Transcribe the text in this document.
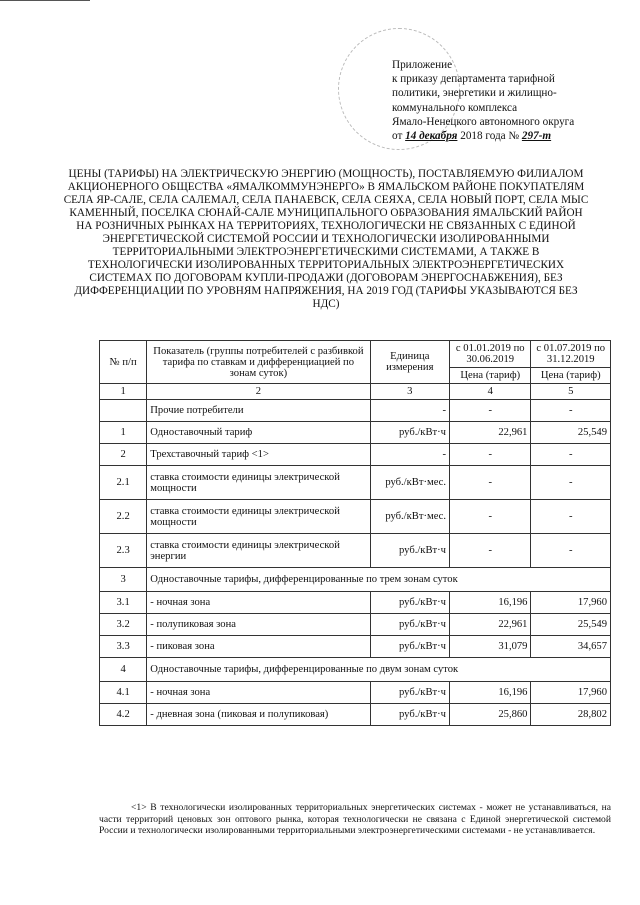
Приложение
к приказу департамента тарифной
политики, энергетики и жилищно-
коммунального комплекса
Ямало-Ненецкого автономного округа
от 14 декабря 2018 года № 297-т
ЦЕНЫ (ТАРИФЫ) НА ЭЛЕКТРИЧЕСКУЮ ЭНЕРГИЮ (МОЩНОСТЬ), ПОСТАВЛЯЕМУЮ ФИЛИАЛОМ АКЦИОНЕРНОГО ОБЩЕСТВА «ЯМАЛКОММУНЭНЕРГО» В ЯМАЛЬСКОМ РАЙОНЕ ПОКУПАТЕЛЯМ СЕЛА ЯР-САЛЕ, СЕЛА САЛЕМАЛ, СЕЛА ПАНАЕВСК, СЕЛА СЕЯХА, СЕЛА НОВЫЙ ПОРТ, СЕЛА МЫС КАМЕННЫЙ, ПОСЕЛКА СЮНАЙ-САЛЕ МУНИЦИПАЛЬНОГО ОБРАЗОВАНИЯ ЯМАЛЬСКИЙ РАЙОН НА РОЗНИЧНЫХ РЫНКАХ НА ТЕРРИТОРИЯХ, ТЕХНОЛОГИЧЕСКИ НЕ СВЯЗАННЫХ С ЕДИНОЙ ЭНЕРГЕТИЧЕСКОЙ СИСТЕМОЙ РОССИИ И ТЕХНОЛОГИЧЕСКИ ИЗОЛИРОВАННЫМИ ТЕРРИТОРИАЛЬНЫМИ ЭЛЕКТРОЭНЕРГЕТИЧЕСКИМИ СИСТЕМАМИ, А ТАКЖЕ В ТЕХНОЛОГИЧЕСКИ ИЗОЛИРОВАННЫХ ТЕРРИТОРИАЛЬНЫХ ЭЛЕКТРОЭНЕРГЕТИЧЕСКИХ СИСТЕМАХ ПО ДОГОВОРАМ КУПЛИ-ПРОДАЖИ (ДОГОВОРАМ ЭНЕРГОСНАБЖЕНИЯ), БЕЗ ДИФФЕРЕНЦИАЦИИ ПО УРОВНЯМ НАПРЯЖЕНИЯ, НА 2019 ГОД (ТАРИФЫ УКАЗЫВАЮТСЯ БЕЗ НДС)
№ п/п	Показатель (группы потребителей с разбивкой тарифа по ставкам и дифференциацией по зонам суток)	Единица измерения	с 01.01.2019 по 30.06.2019	с 01.07.2019 по 31.12.2019
			Цена (тариф)	Цена (тариф)
1	2	3	4	5
	Прочие потребители	-	-	-
1	Одноставочный тариф	руб./кВт·ч	22,961	25,549
2	Трехставочный тариф <1>	-	-	-
2.1	ставка стоимости единицы электрической мощности	руб./кВт·мес.	-	-
2.2	ставка стоимости единицы электрической мощности	руб./кВт·мес.	-	-
2.3	ставка стоимости единицы электрической энергии	руб./кВт·ч	-	-
3	Одноставочные тарифы, дифференцированные по трем зонам суток			
3.1	- ночная зона	руб./кВт·ч	16,196	17,960
3.2	- полупиковая зона	руб./кВт·ч	22,961	25,549
3.3	- пиковая зона	руб./кВт·ч	31,079	34,657
4	Одноставочные тарифы, дифференцированные по двум зонам суток			
4.1	- ночная зона	руб./кВт·ч	16,196	17,960
4.2	- дневная зона (пиковая и полупиковая)	руб./кВт·ч	25,860	28,802
<1> В технологически изолированных территориальных энергетических системах - может не устанавливаться, на части территорий ценовых зон оптового рынка, которая технологически не связана с Единой энергетической системой России и технологически изолированными территориальными электроэнергетическими системами - не устанавливается.
